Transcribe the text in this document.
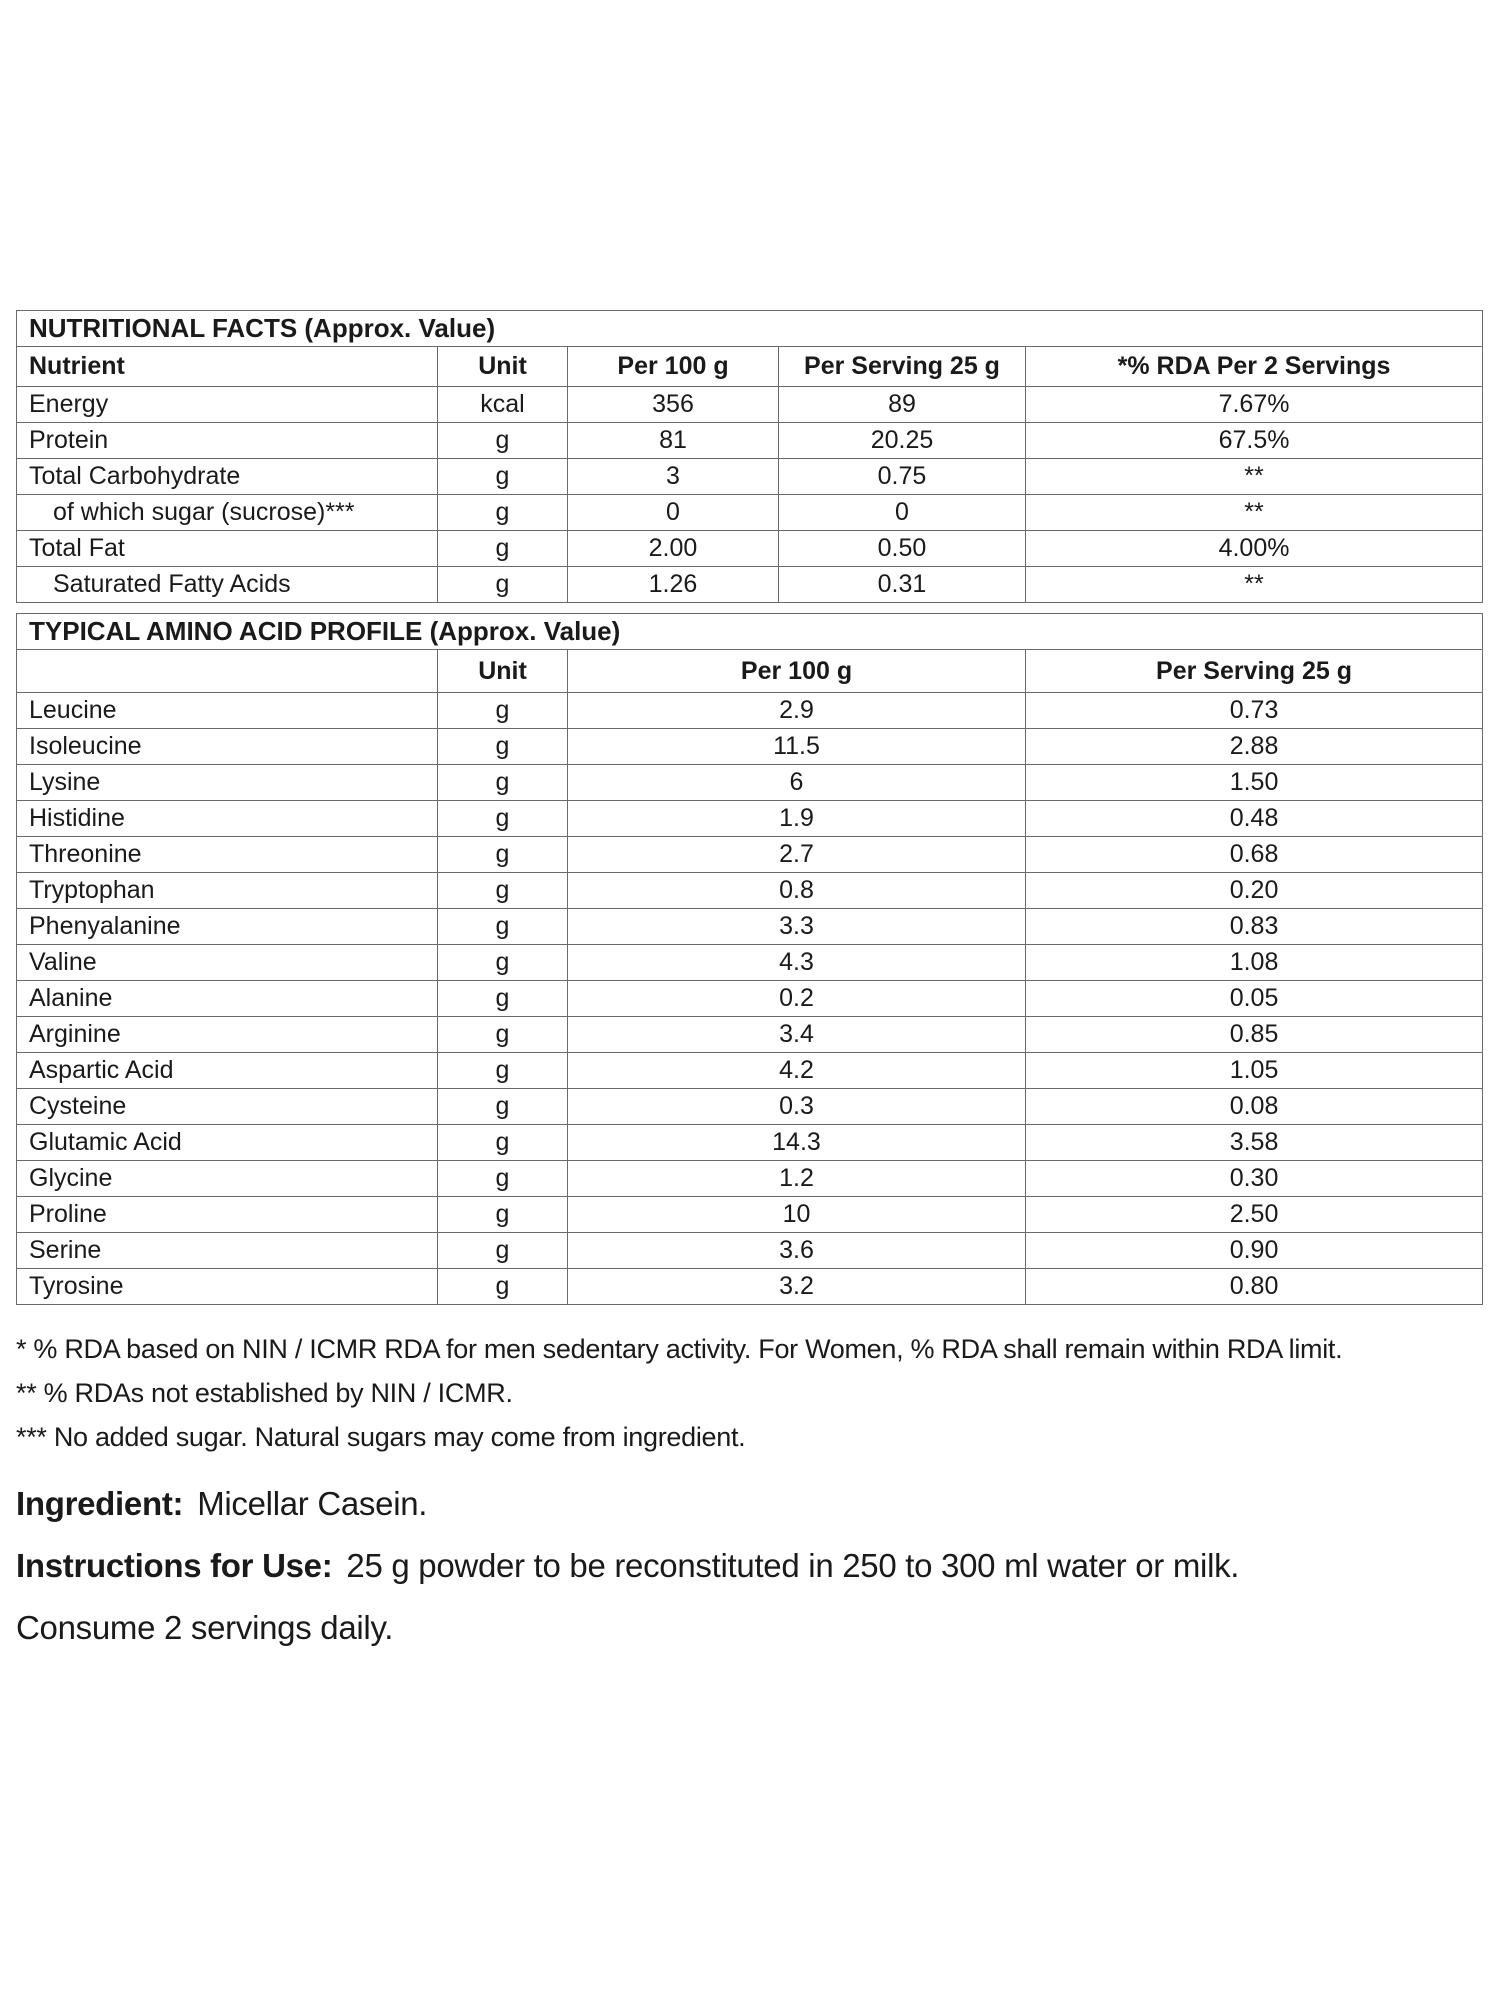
NUTRITIONAL FACTS (Approx. Value)				
Nutrient	Unit	Per 100 g	Per Serving 25 g	*% RDA Per 2 Servings
Energy	kcal	356	89	7.67%
Protein	g	81	20.25	67.5%
Total Carbohydrate	g	3	0.75	**
of which sugar (sucrose)***	g	0	0	**
Total Fat	g	2.00	0.50	4.00%
Saturated Fatty Acids	g	1.26	0.31	**
TYPICAL AMINO ACID PROFILE (Approx. Value)			
	Unit	Per 100 g	Per Serving 25 g
Leucine	g	2.9	0.73
Isoleucine	g	11.5	2.88
Lysine	g	6	1.50
Histidine	g	1.9	0.48
Threonine	g	2.7	0.68
Tryptophan	g	0.8	0.20
Phenyalanine	g	3.3	0.83
Valine	g	4.3	1.08
Alanine	g	0.2	0.05
Arginine	g	3.4	0.85
Aspartic Acid	g	4.2	1.05
Cysteine	g	0.3	0.08
Glutamic Acid	g	14.3	3.58
Glycine	g	1.2	0.30
Proline	g	10	2.50
Serine	g	3.6	0.90
Tyrosine	g	3.2	0.80

* % RDA based on NIN / ICMR RDA for men sedentary activity. For Women, % RDA shall remain within RDA limit.

** % RDAs not established by NIN / ICMR.

*** No added sugar. Natural sugars may come from ingredient.

Ingredient: Micellar Casein.

Instructions for Use: 25 g powder to be reconstituted in 250 to 300 ml water or milk.

Consume 2 servings daily.
